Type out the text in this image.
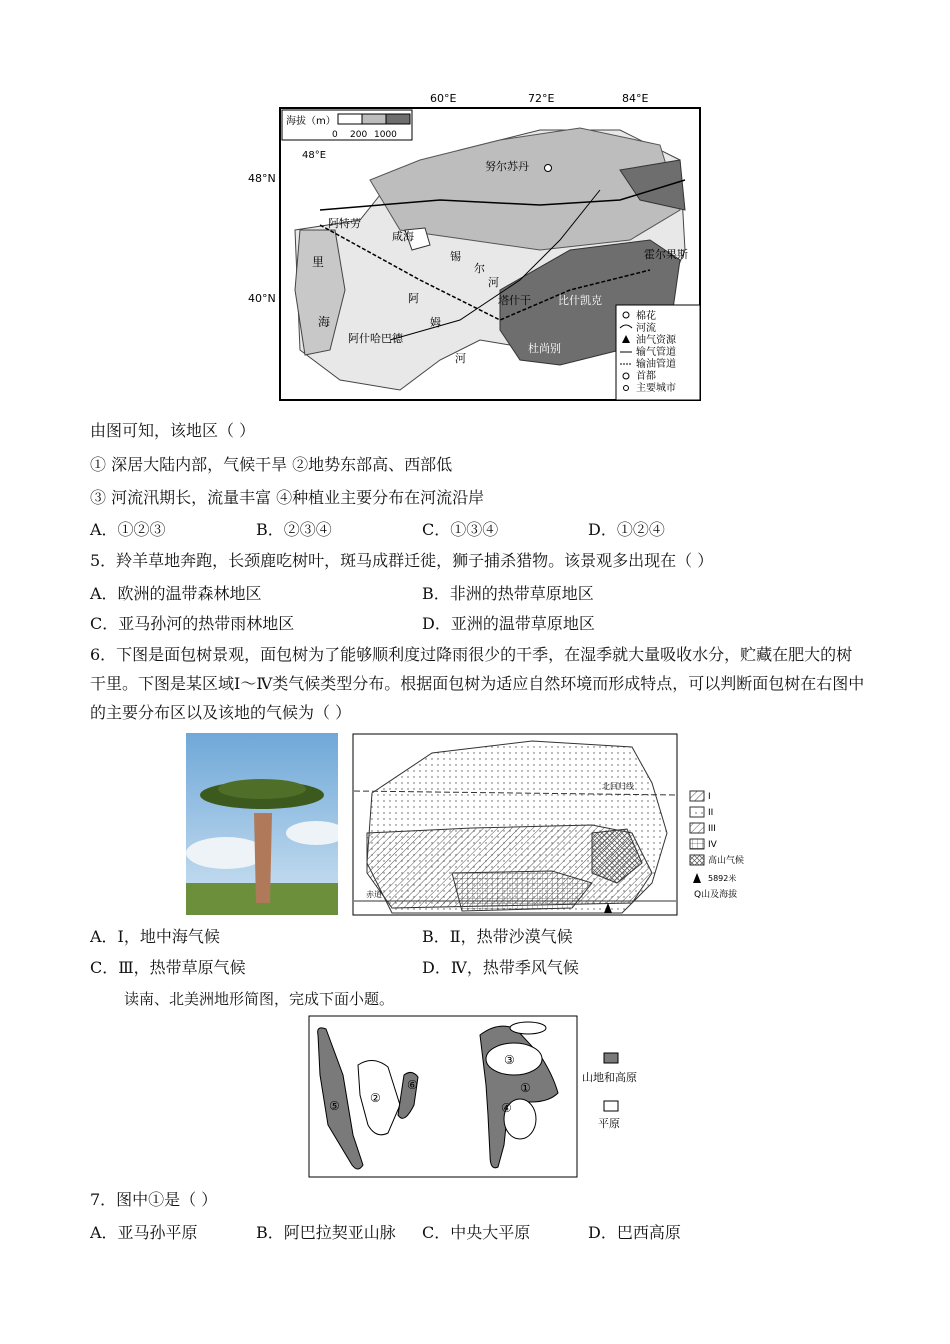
60°E	72°E	84°E
48°N
40°N
海拔（m）
0 200 1000
48°E
努尔苏丹
阿特劳
咸海
锡
尔
河
里
海
阿
姆
河
塔什干 比什凯克
霍尔果斯
阿什哈巴德
杜尚别
棉花
河流
油气资源
输气管道
输油管道
首都
主要城市
由图可知，该地区（ ）
① 深居大陆内部，气候干旱 ②地势东部高、西部低
③ 河流汛期长，流量丰富 ④种植业主要分布在河流沿岸
A．①②③	B．②③④	C．①③④	D．①②④
5．羚羊草地奔跑，长颈鹿吃树叶，斑马成群迁徙，狮子捕杀猎物。该景观多出现在（ ）
A．欧洲的温带森林地区	B．非洲的热带草原地区
C．亚马孙河的热带雨林地区	D．亚洲的温带草原地区
6．下图是面包树景观，面包树为了能够顺利度过降雨很少的干季，在湿季就大量吸收水分，贮藏在肥大的树干里。下图是某区域Ⅰ～Ⅳ类气候类型分布。根据面包树为适应自然环境而形成特点，可以判断面包树在右图中的主要分布区以及该地的气候为（ ）
北回归线
赤道
I
II
III
IV
高山气候
5892米
Q山及海拔
A．Ⅰ，地中海气候	B．Ⅱ，热带沙漠气候
C．Ⅲ，热带草原气候	D．Ⅳ，热带季风气候
读南、北美洲地形简图，完成下面小题。
⑤
②
⑥
③
①
④
山地和高原
平原
7．图中①是（ ）
A．亚马孙平原	B．阿巴拉契亚山脉 C．中央大平原	D．巴西高原
